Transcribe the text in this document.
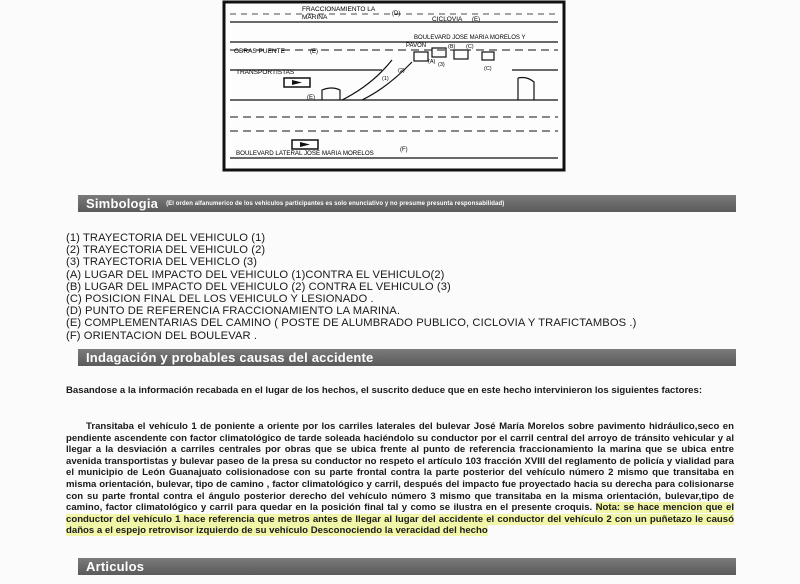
FRACCIONAMIENTO LA
MARINA	(D)
CICLOVIA (E)
BOULEVARD JOSE MARIA MORELOS Y
PAVON
OBRAS PUENTE	(E)
TRANSPORTISTAS
(E)
BOULEVARD LATERAL JOSE MARIA MORELOS	(F)
(A)
(B) (C)
(C)
(1)
(2)
(3)
Simbologia (El orden alfanumerico de los vehículos participantes es solo enunciativo y no presume presunta responsabilidad)
(1) TRAYECTORIA DEL VEHICULO (1)
(2) TRAYECTORIA DEL VEHICULO (2)
(3) TRAYECTORIA DEL VEHICLO (3)
(A) LUGAR DEL IMPACTO DEL VEHICULO (1)CONTRA EL VEHICULO(2)
(B) LUGAR DEL IMPACTO DEL VEHICULO (2) CONTRA EL VEHICULO (3)
(C) POSICION FINAL DEL LOS VEHICULO Y LESIONADO .
(D) PUNTO DE REFERENCIA FRACCIONAMIENTO LA MARINA.
(E) COMPLEMENTARIAS DEL CAMINO ( POSTE DE ALUMBRADO PUBLICO, CICLOVIA Y TRAFICTAMBOS .)
(F) ORIENTACION DEL BOULEVAR .
Indagación y probables causas del accidente
Basandose a la información recabada en el lugar de los hechos, el suscrito deduce que en este hecho intervinieron los siguientes factores:
Transitaba el vehículo 1 de poniente a oriente por los carriles laterales del bulevar José María Morelos sobre pavimento hidráulico,seco en pendiente ascendente con factor climatológico de tarde soleada haciéndolo su conductor por el carril central del arroyo de tránsito vehicular y al llegar a la desviación a carriles centrales por obras que se ubica frente al punto de referencia fraccionamiento la marina que se ubica entre avenida transportistas y bulevar paseo de la presa su conductor no respeto el artículo 103 fracción XVIII del reglamento de policía y vialidad para el municipio de León Guanajuato colisionadose con su parte frontal contra la parte posterior del vehículo número 2 mismo que transitaba en misma orientación, bulevar, tipo de camino , factor climatológico y carril, después del impacto fue proyectado hacia su derecha para colisionarse con su parte frontal contra el ángulo posterior derecho del vehículo número 3 mismo que transitaba en la misma orientación, bulevar,tipo de camino, factor climatológico y carril para quedar en la posición final tal y como se ilustra en el presente croquis. Nota: se hace mencion que el conductor del vehículo 1 hace referencia que metros antes de llegar al lugar del accidente el conductor del vehículo 2 con un puñetazo le causó daños a el espejo retrovisor izquierdo de su vehículo Desconociendo la veracidad del hecho
Articulos
